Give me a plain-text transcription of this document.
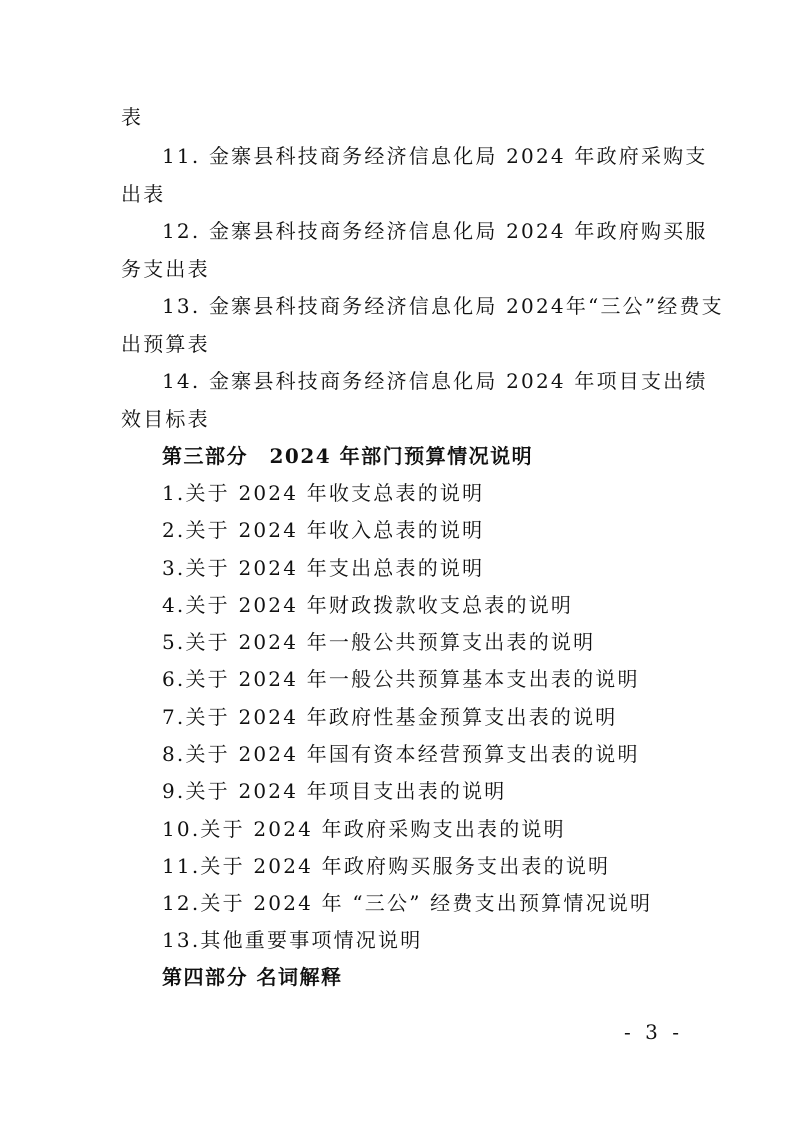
表
11. 金寨县科技商务经济信息化局 2024 年政府采购支
出表
12. 金寨县科技商务经济信息化局 2024 年政府购买服
务支出表
13. 金寨县科技商务经济信息化局 2024年“三公”经费支
出预算表
14. 金寨县科技商务经济信息化局 2024 年项目支出绩
效目标表
第三部分　2024 年部门预算情况说明
1.关于 2024 年收支总表的说明
2.关于 2024 年收入总表的说明
3.关于 2024 年支出总表的说明
4.关于 2024 年财政拨款收支总表的说明
5.关于 2024 年一般公共预算支出表的说明
6.关于 2024 年一般公共预算基本支出表的说明
7.关于 2024 年政府性基金预算支出表的说明
8.关于 2024 年国有资本经营预算支出表的说明
9.关于 2024 年项目支出表的说明
10.关于 2024 年政府采购支出表的说明
11.关于 2024 年政府购买服务支出表的说明
12.关于 2024 年 “三公” 经费支出预算情况说明
13.其他重要事项情况说明
第四部分 名词解释
- 3 -
